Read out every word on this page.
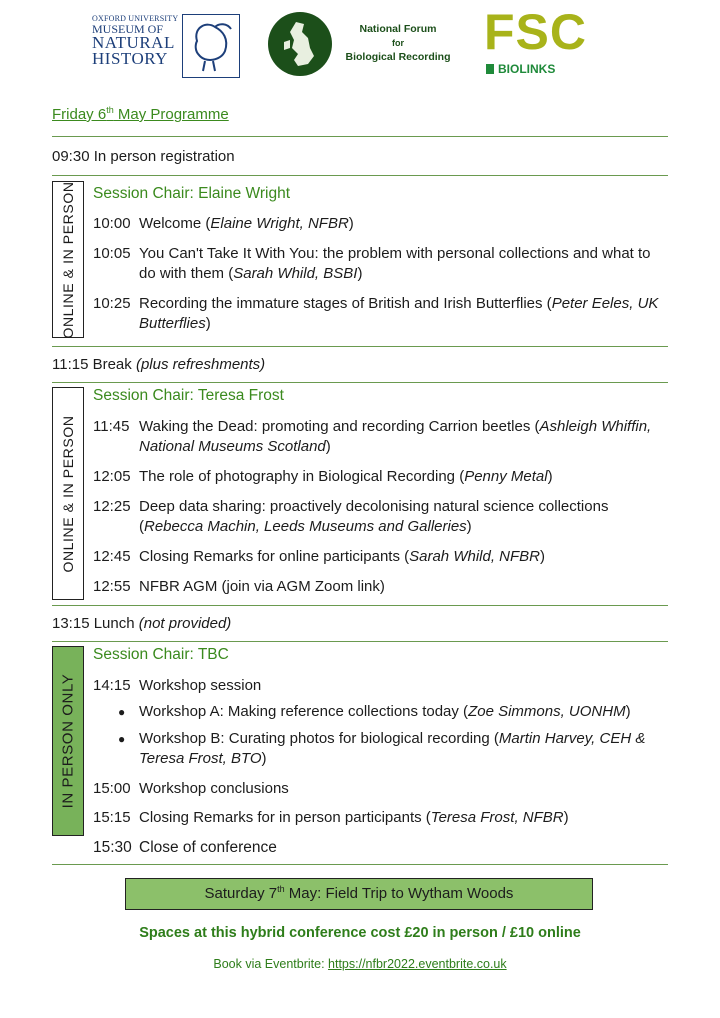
OXFORD UNIVERSITY
MUSEUM OF
NATURAL
HISTORY
National Forum
for
Biological Recording FSC
BIOLINKS
Friday 6th May Programme
09:30 In person registration
ONLINE & IN PERSON Session Chair: Elaine Wright
10:00 Welcome (Elaine Wright, NFBR)
10:05 You Can't Take It With You: the problem with personal collections and what to do with them (Sarah Whild, BSBI)
10:25 Recording the immature stages of British and Irish Butterflies (Peter Eeles, UK Butterflies)
11:15 Break (plus refreshments)
ONLINE & IN PERSON
Session Chair: Teresa Frost
11:45 Waking the Dead: promoting and recording Carrion beetles (Ashleigh Whiffin, National Museums Scotland)
12:05 The role of photography in Biological Recording (Penny Metal)
12:25 Deep data sharing: proactively decolonising natural science collections (Rebecca Machin, Leeds Museums and Galleries)
12:45 Closing Remarks for online participants (Sarah Whild, NFBR)
12:55 NFBR AGM (join via AGM Zoom link)
13:15 Lunch (not provided)
IN PERSON ONLY
Session Chair: TBC
14:15 Workshop session
● Workshop A: Making reference collections today (Zoe Simmons, UONHM)
● Workshop B: Curating photos for biological recording (Martin Harvey, CEH & Teresa Frost, BTO)
15:00 Workshop conclusions
15:15 Closing Remarks for in person participants (Teresa Frost, NFBR)
15:30 Close of conference
Saturday 7th May: Field Trip to Wytham Woods
Spaces at this hybrid conference cost £20 in person / £10 online
Book via Eventbrite: https://nfbr2022.eventbrite.co.uk
